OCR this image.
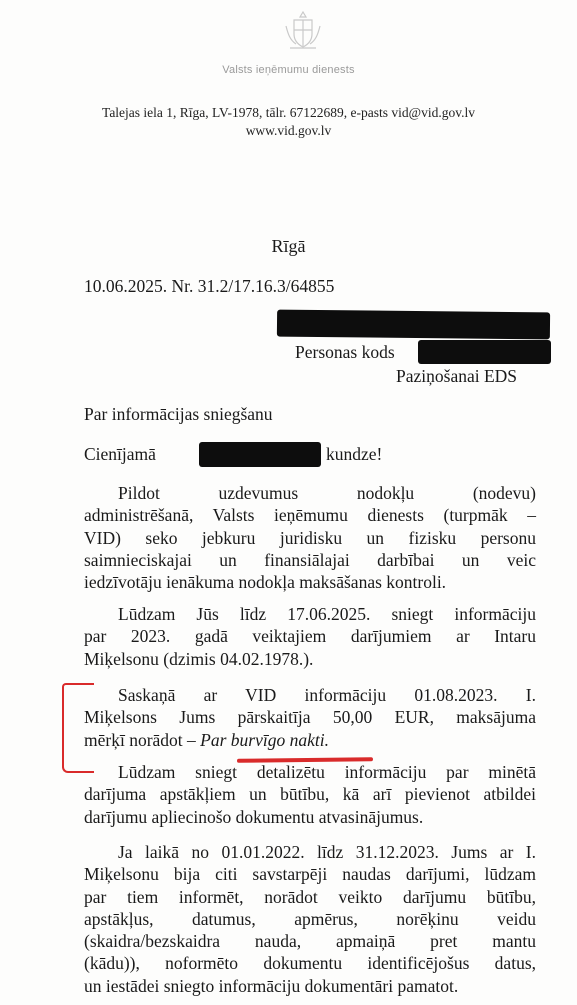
Valsts ieņēmumu dienests
Talejas iela 1, Rīga, LV-1978, tālr. 67122689, e-pasts vid@vid.gov.lv
www.vid.gov.lv
Rīgā
10.06.2025. Nr. 31.2/17.16.3/64855
Personas kods
Paziņošanai EDS
Par informācijas sniegšanu
Cienījamā	kundze!
Pildot uzdevumus nodokļu (nodevu)
administrēšanā, Valsts ieņēmumu dienests (turpmāk –
VID) seko jebkuru juridisku un fizisku personu
saimnieciskajai un finansiālajai darbībai un veic
iedzīvotāju ienākuma nodokļa maksāšanas kontroli.
Lūdzam Jūs līdz 17.06.2025. sniegt informāciju
par 2023. gadā veiktajiem darījumiem ar Intaru
Miķelsonu (dzimis 04.02.1978.).
Saskaņā ar VID informāciju 01.08.2023. I.
Miķelsons Jums pārskaitīja 50,00 EUR, maksājuma
mērķī norādot – Par burvīgo nakti.
Lūdzam sniegt detalizētu informāciju par minētā
darījuma apstākļiem un būtību, kā arī pievienot atbildei
darījumu apliecinošo dokumentu atvasinājumus.
Ja laikā no 01.01.2022. līdz 31.12.2023. Jums ar I.
Miķelsonu bija citi savstarpēji naudas darījumi, lūdzam
par tiem informēt, norādot veikto darījumu būtību,
apstākļus, datumus, apmērus, norēķinu veidu
(skaidra/bezskaidra nauda, apmaiņā pret mantu
(kādu)), noformēto dokumentu identificējošus datus,
un iestādei sniegto informāciju dokumentāri pamatot.
